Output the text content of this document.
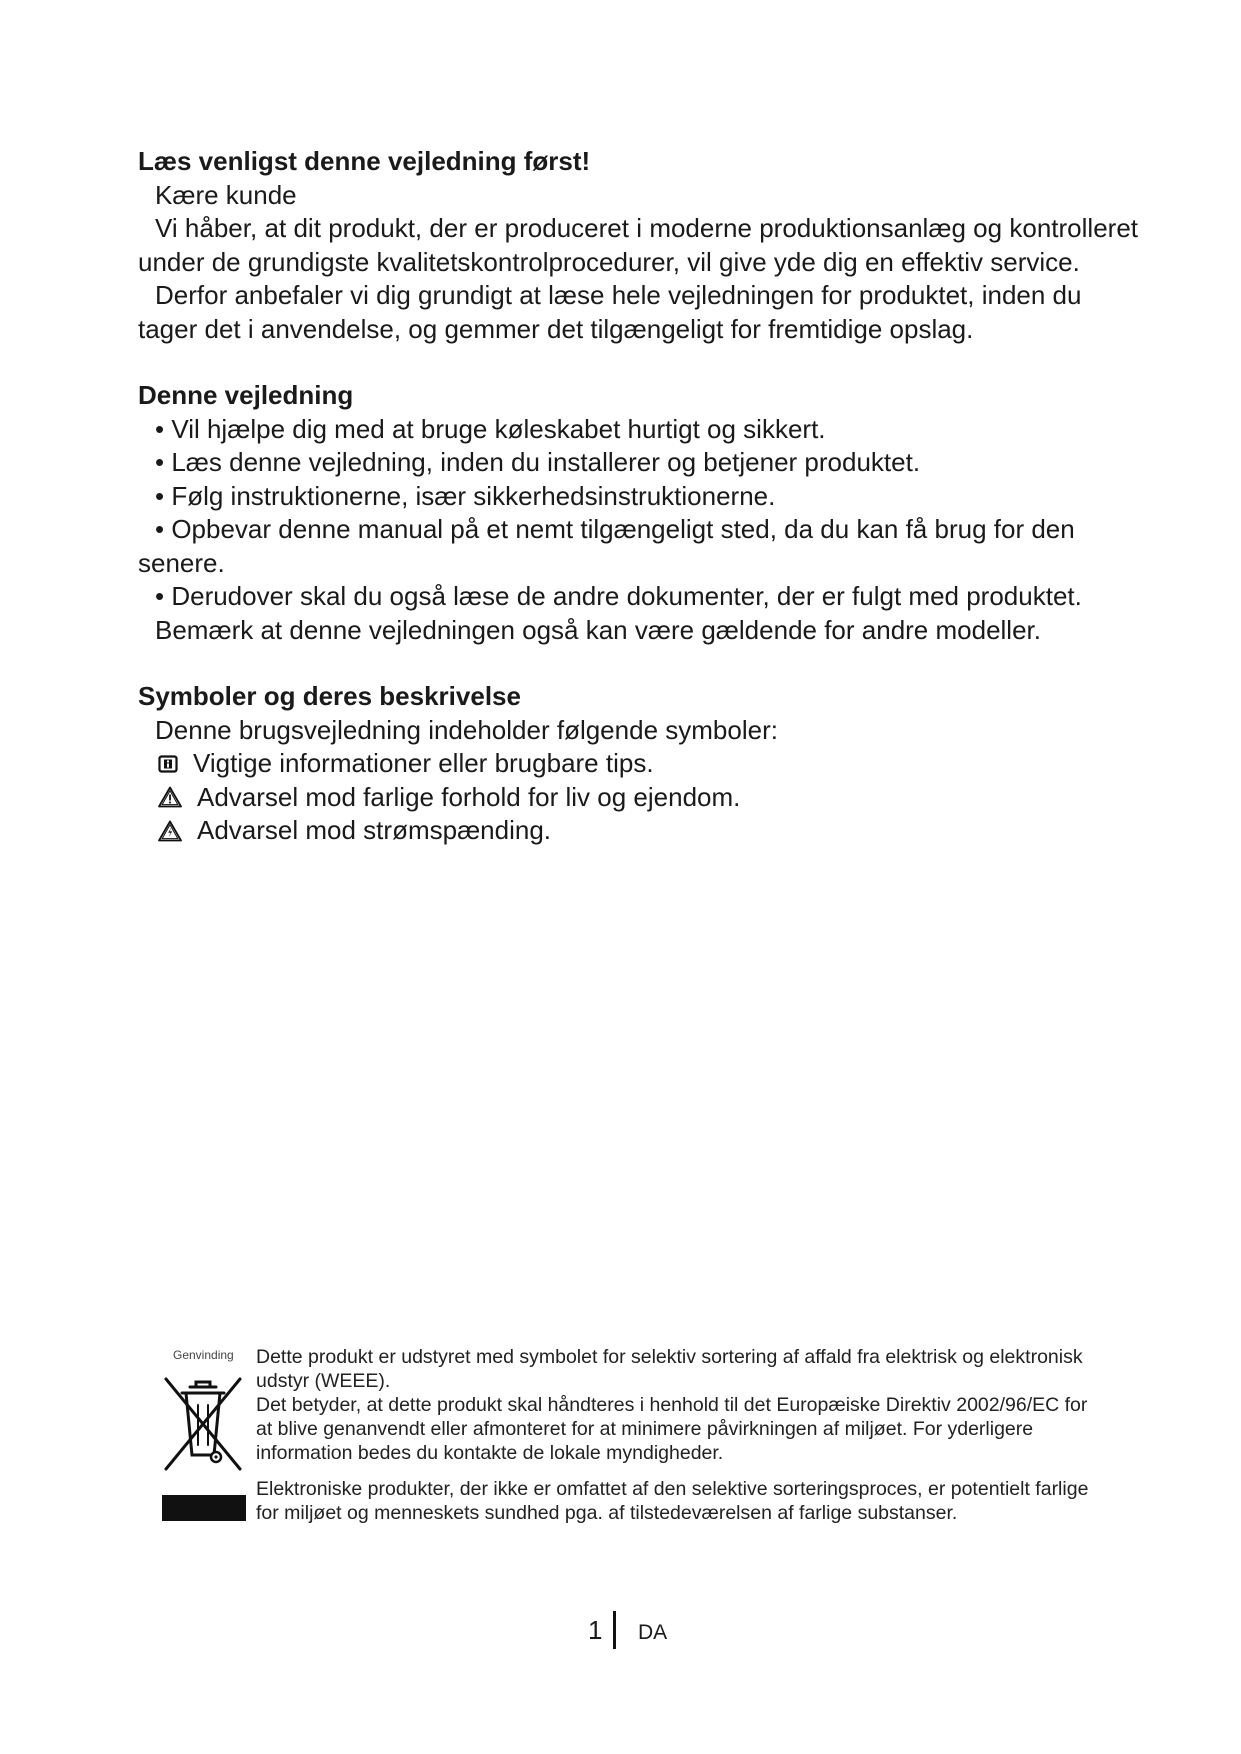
Læs venligst denne vejledning først!

Kære kunde

Vi håber, at dit produkt, der er produceret i moderne produktionsanlæg og kontrolleret under de grundigste kvalitetskontrolprocedurer, vil give yde dig en effektiv service.

Derfor anbefaler vi dig grundigt at læse hele vejledningen for produktet, inden du tager det i anvendelse, og gemmer det tilgængeligt for fremtidige opslag.

Denne vejledning

• Vil hjælpe dig med at bruge køleskabet hurtigt og sikkert.

• Læs denne vejledning, inden du installerer og betjener produktet.

• Følg instruktionerne, især sikkerhedsinstruktionerne.

• Opbevar denne manual på et nemt tilgængeligt sted, da du kan få brug for den senere.

• Derudover skal du også læse de andre dokumenter, der er fulgt med produktet.

Bemærk at denne vejledningen også kan være gældende for andre modeller.

Symboler og deres beskrivelse

Denne brugsvejledning indeholder følgende symboler:

Vigtige informationer eller brugbare tips.
Advarsel mod farlige forhold for liv og ejendom.
Advarsel mod strømspænding.
Genvinding Dette produkt er udstyret med symbolet for selektiv sortering af affald fra elektrisk og elektronisk udstyr (WEEE).

Det betyder, at dette produkt skal håndteres i henhold til det Europæiske Direktiv 2002/96/EC for at blive genanvendt eller afmonteret for at minimere påvirkningen af miljøet. For yderligere information bedes du kontakte de lokale myndigheder.

Elektroniske produkter, der ikke er omfattet af den selektive sorteringsproces, er potentielt farlige for miljøet og menneskets sundhed pga. af tilstedeværelsen af farlige substanser.

1 DA
